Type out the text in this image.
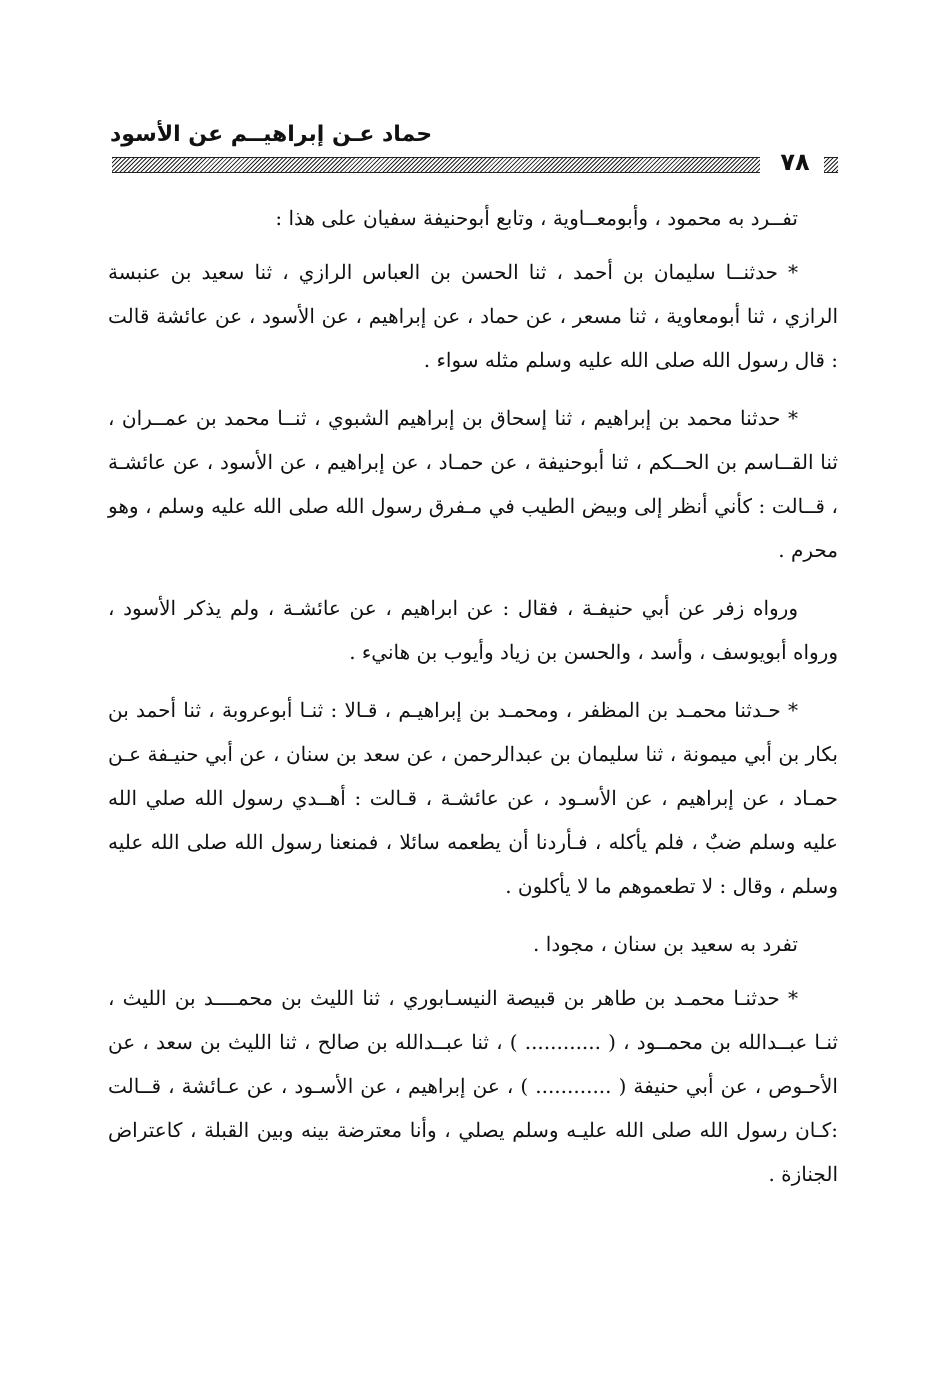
حماد عـن إبراهيــم عن الأسود
٧٨

تفــرد به محمود ، وأبومعــاوية ، وتابع أبوحنيفة سفيان على هذا :

* حدثنــا سليمان بن أحمد ، ثنا الحسن بن العباس الرازي ، ثنا سعيد بن عنبسة الرازي ، ثنا أبومعاوية ، ثنا مسعر ، عن حماد ، عن إبراهيم ، عن الأسود ، عن عائشة قالت : قال رسول الله صلى الله عليه وسلم مثله سواء .

* حدثنا محمد بن إبراهيم ، ثنا إسحاق بن إبراهيم الشبوي ، ثنــا محمد بن عمــران ، ثنا القــاسم بن الحــكم ، ثنا أبوحنيفة ، عن حمـاد ، عن إبراهيم ، عن الأسود ، عن عائشـة ، قــالت : كأني أنظر إلى وبيض الطيب في مـفرق رسول الله صلى الله عليه وسلم ، وهو محرم .

ورواه زفر عن أبي حنيفـة ، فقال : عن ابراهيم ، عن عائشـة ، ولم يذكر الأسود ، ورواه أبويوسف ، وأسد ، والحسن بن زياد وأيوب بن هانيء .

* حـدثنا محمـد بن المظفر ، ومحمـد بن إبراهيـم ، قـالا : ثنـا أبوعروبة ، ثنا أحمد بن بكار بن أبي ميمونة ، ثنا سليمان بن عبدالرحمن ، عن سعد بن سنان ، عن أبي حنيـفة عـن حمـاد ، عن إبراهيم ، عن الأسـود ، عن عائشـة ، قـالت : أهــدي رسول الله صلي الله عليه وسلم ضبٌ ، فلم يأكله ، فـأردنا أن يطعمه سائلا ، فمنعنا رسول الله صلى الله عليه وسلم ، وقال : لا تطعموهم ما لا يأكلون .

تفرد به سعيد بن سنان ، مجودا .

* حدثنـا محمـد بن طاهر بن قبيصة النيسـابوري ، ثنا الليث بن محمــــد بن الليث ، ثنـا عبــدالله بن محمــود ، ( ............ ) ، ثنا عبــدالله بن صالح ، ثنا الليث بن سعد ، عن الأحـوص ، عن أبي حنيفة ( ............ ) ، عن إبراهيم ، عن الأسـود ، عن عـائشة ، قــالت :كـان رسول الله صلى الله عليـه وسلم يصلي ، وأنا معترضة بينه وبين القبلة ، كاعتراض الجنازة .
